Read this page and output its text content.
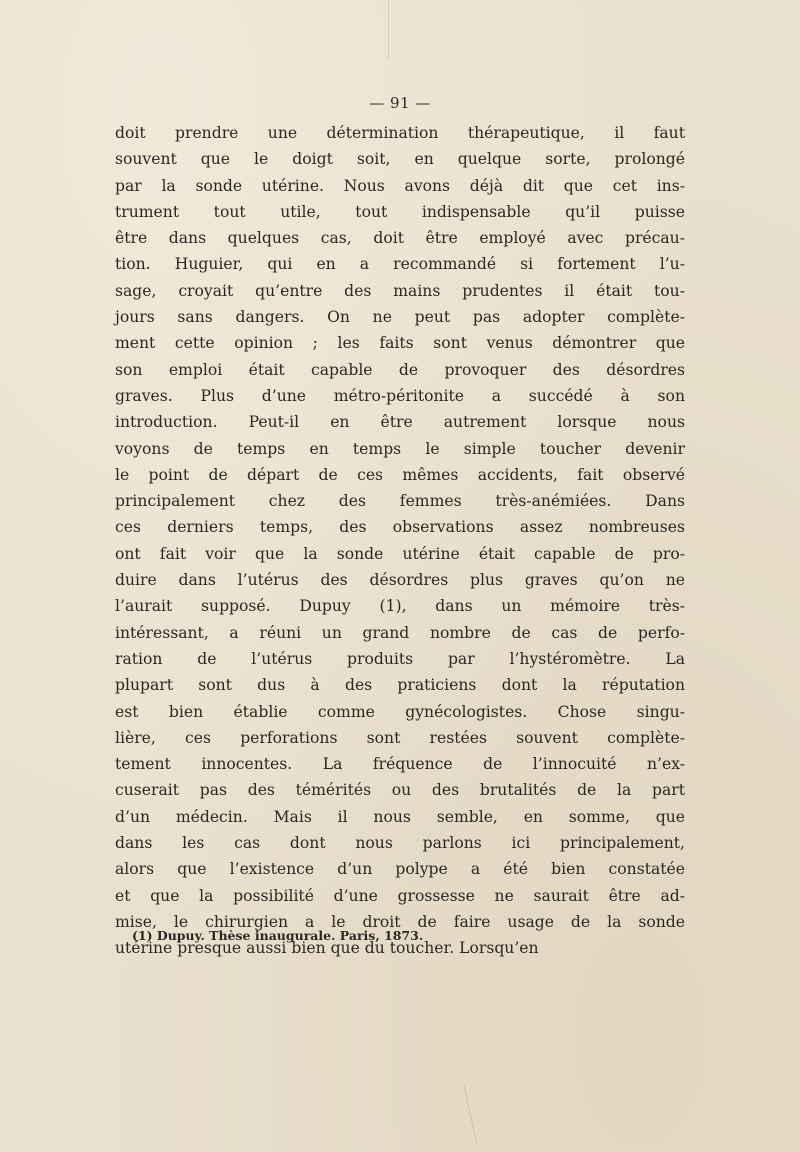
— 91 —
doit prendre une détermination thérapeutique, il faut
souvent que le doigt soit, en quelque sorte, prolongé
par la sonde utérine. Nous avons déjà dit que cet ins-
trument tout utile, tout indispensable qu’il puisse
être dans quelques cas, doit être employé avec précau-
tion. Huguier, qui en a recommandé si fortement l’u-
sage, croyait qu’entre des mains prudentes il était tou-
jours sans dangers. On ne peut pas adopter complète-
ment cette opinion ; les faits sont venus démontrer que
son emploi était capable de provoquer des désordres
graves. Plus d’une métro-péritonite a succédé à son
introduction. Peut-il en être autrement lorsque nous
voyons de temps en temps le simple toucher devenir
le point de départ de ces mêmes accidents, fait observé
principalement chez des femmes très-anémiées. Dans
ces derniers temps, des observations assez nombreuses
ont fait voir que la sonde utérine était capable de pro-
duire dans l’utérus des désordres plus graves qu’on ne
l’aurait supposé. Dupuy (1), dans un mémoire très-
intéressant, a réuni un grand nombre de cas de perfo-
ration de l’utérus produits par l’hystéromètre. La
plupart sont dus à des praticiens dont la réputation
est bien établie comme gynécologistes. Chose singu-
lière, ces perforations sont restées souvent complète-
tement innocentes. La fréquence de l’innocuité n’ex-
cuserait pas des témérités ou des brutalités de la part
d’un médecin. Mais il nous semble, en somme, que
dans les cas dont nous parlons ici principalement,
alors que l’existence d’un polype a été bien constatée
et que la possibilité d’une grossesse ne saurait être ad-
mise, le chirurgien a le droit de faire usage de la sonde
utérine presque aussi bien que du toucher. Lorsqu’en
(1) Dupuy. Thèse inaugurale. Paris, 1873.
